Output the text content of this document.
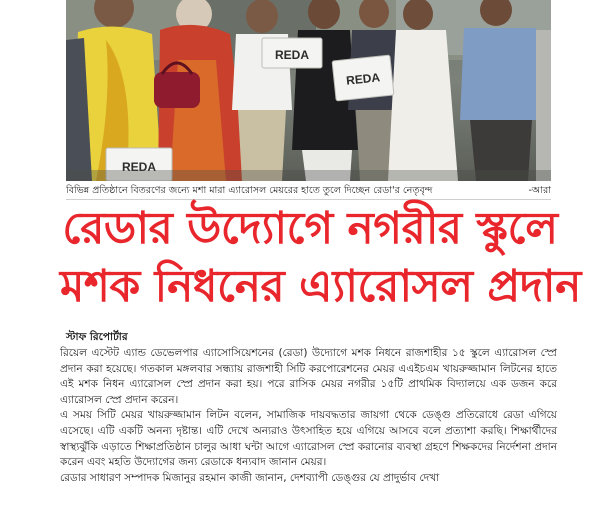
REDA
REDA
REDA
বিভিন্ন প্রতিষ্ঠানে বিতরণের জন্যে মশা মারা এ্যারোসল মেয়রের হাতে তুলে দিচ্ছেন রেডা'র নেতৃবৃন্দ	-আরা
রেডার উদ্যোগে নগরীর স্কুলে
মশক নিধনের এ্যারোসল প্রদান
স্টাফ রিপোর্টার

রিয়েল এস্টেট এ্যান্ড ডেভেলপার এ্যাসোসিয়েশনের (রেডা) উদ্যোগে মশক নিধনে রাজশাহীর ১৫ স্কুলে এ্যারোসল স্প্রে প্রদান করা হয়েছে। গতকাল মঙ্গলবার সন্ধ্যায় রাজশাহী সিটি করপোরেশনের মেয়র এএইচএম খায়রুজ্জামান লিটনের হাতে এই মশক নিধন এ্যারোসল স্প্রে প্রদান করা হয়। পরে রাসিক মেয়র নগরীর ১৫টি প্রাথমিক বিদ্যালয়ে এক ডজন করে এ্যারোসল স্প্রে প্রদান করেন।

এ সময় সিটি মেয়র খায়রুজ্জামান লিটন বলেন, সামাজিক দায়বদ্ধতার জায়গা থেকে ডেঙ্গু প্রতিরোধে রেডা এগিয়ে এসেছে। এটি একটি অনন্য দৃষ্টান্ত। এটি দেখে অন্যরাও উৎসাহিত হয়ে এগিয়ে আসবে বলে প্রত্যাশা করছি। শিক্ষার্থীদের স্বাস্থ্যঝুঁকি এড়াতে শিক্ষাপ্রতিষ্ঠান চালুর আধা ঘন্টা আগে এ্যারোসল স্প্রে করানোর ব্যবস্থা গ্রহণে শিক্ষকদের নির্দেশনা প্রদান করেন এবং মহতি উদ্যোগের জন্য রেডাকে ধন্যবাদ জানান মেয়র।

রেডার সাধারণ সম্পাদক মিজানুর রহমান কাজী জানান, দেশব্যাপী ডেঙ্গুর যে প্রাদুর্ভাব দেখা
